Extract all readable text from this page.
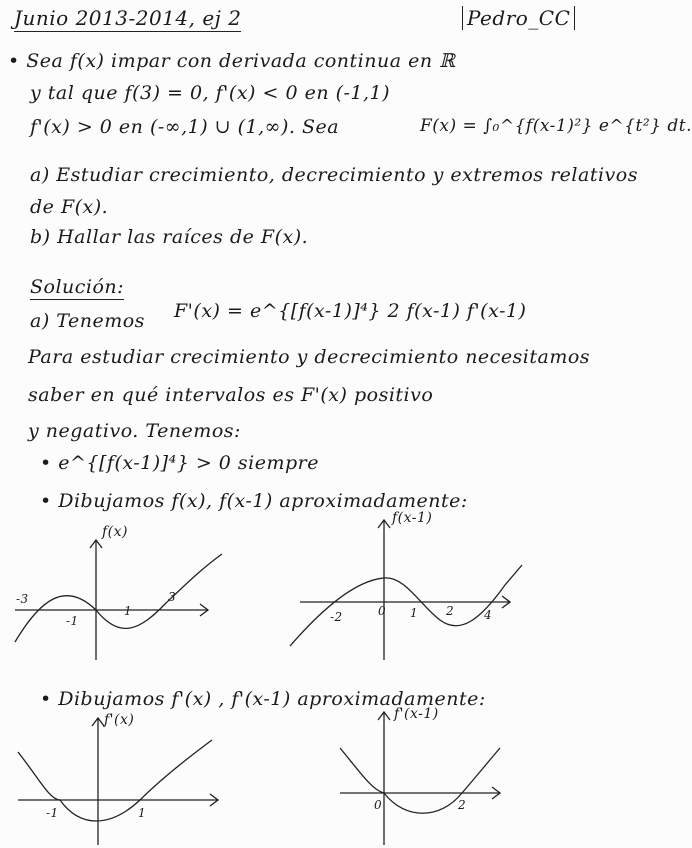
Junio 2013-2014, ej 2	Pedro_CC
• Sea f(x) impar con derivada continua en ℝ
y tal que f(3) = 0, f'(x) < 0 en (-1,1)
f'(x) > 0 en (-∞,1) ∪ (1,∞). Sea	F(x) = ∫₀^{f(x-1)²} e^{t²} dt.
a) Estudiar crecimiento, decrecimiento y extremos relativos
de F(x).
b) Hallar las raíces de F(x).
Solución:
a) Tenemos F'(x) = e^{[f(x-1)]⁴} 2 f(x-1) f'(x-1)
Para estudiar crecimiento y decrecimiento necesitamos
saber en qué intervalos es F'(x) positivo
y negativo. Tenemos:
• e^{[f(x-1)]⁴} > 0 siempre
• Dibujamos f(x), f(x-1) aproximadamente:
• Dibujamos f'(x) , f'(x-1) aproximadamente:
f(x)
-3
-1
1
3
f(x-1)
-2	0 1 2 4
f'(x)
-1	1
f'(x-1)
0	2
